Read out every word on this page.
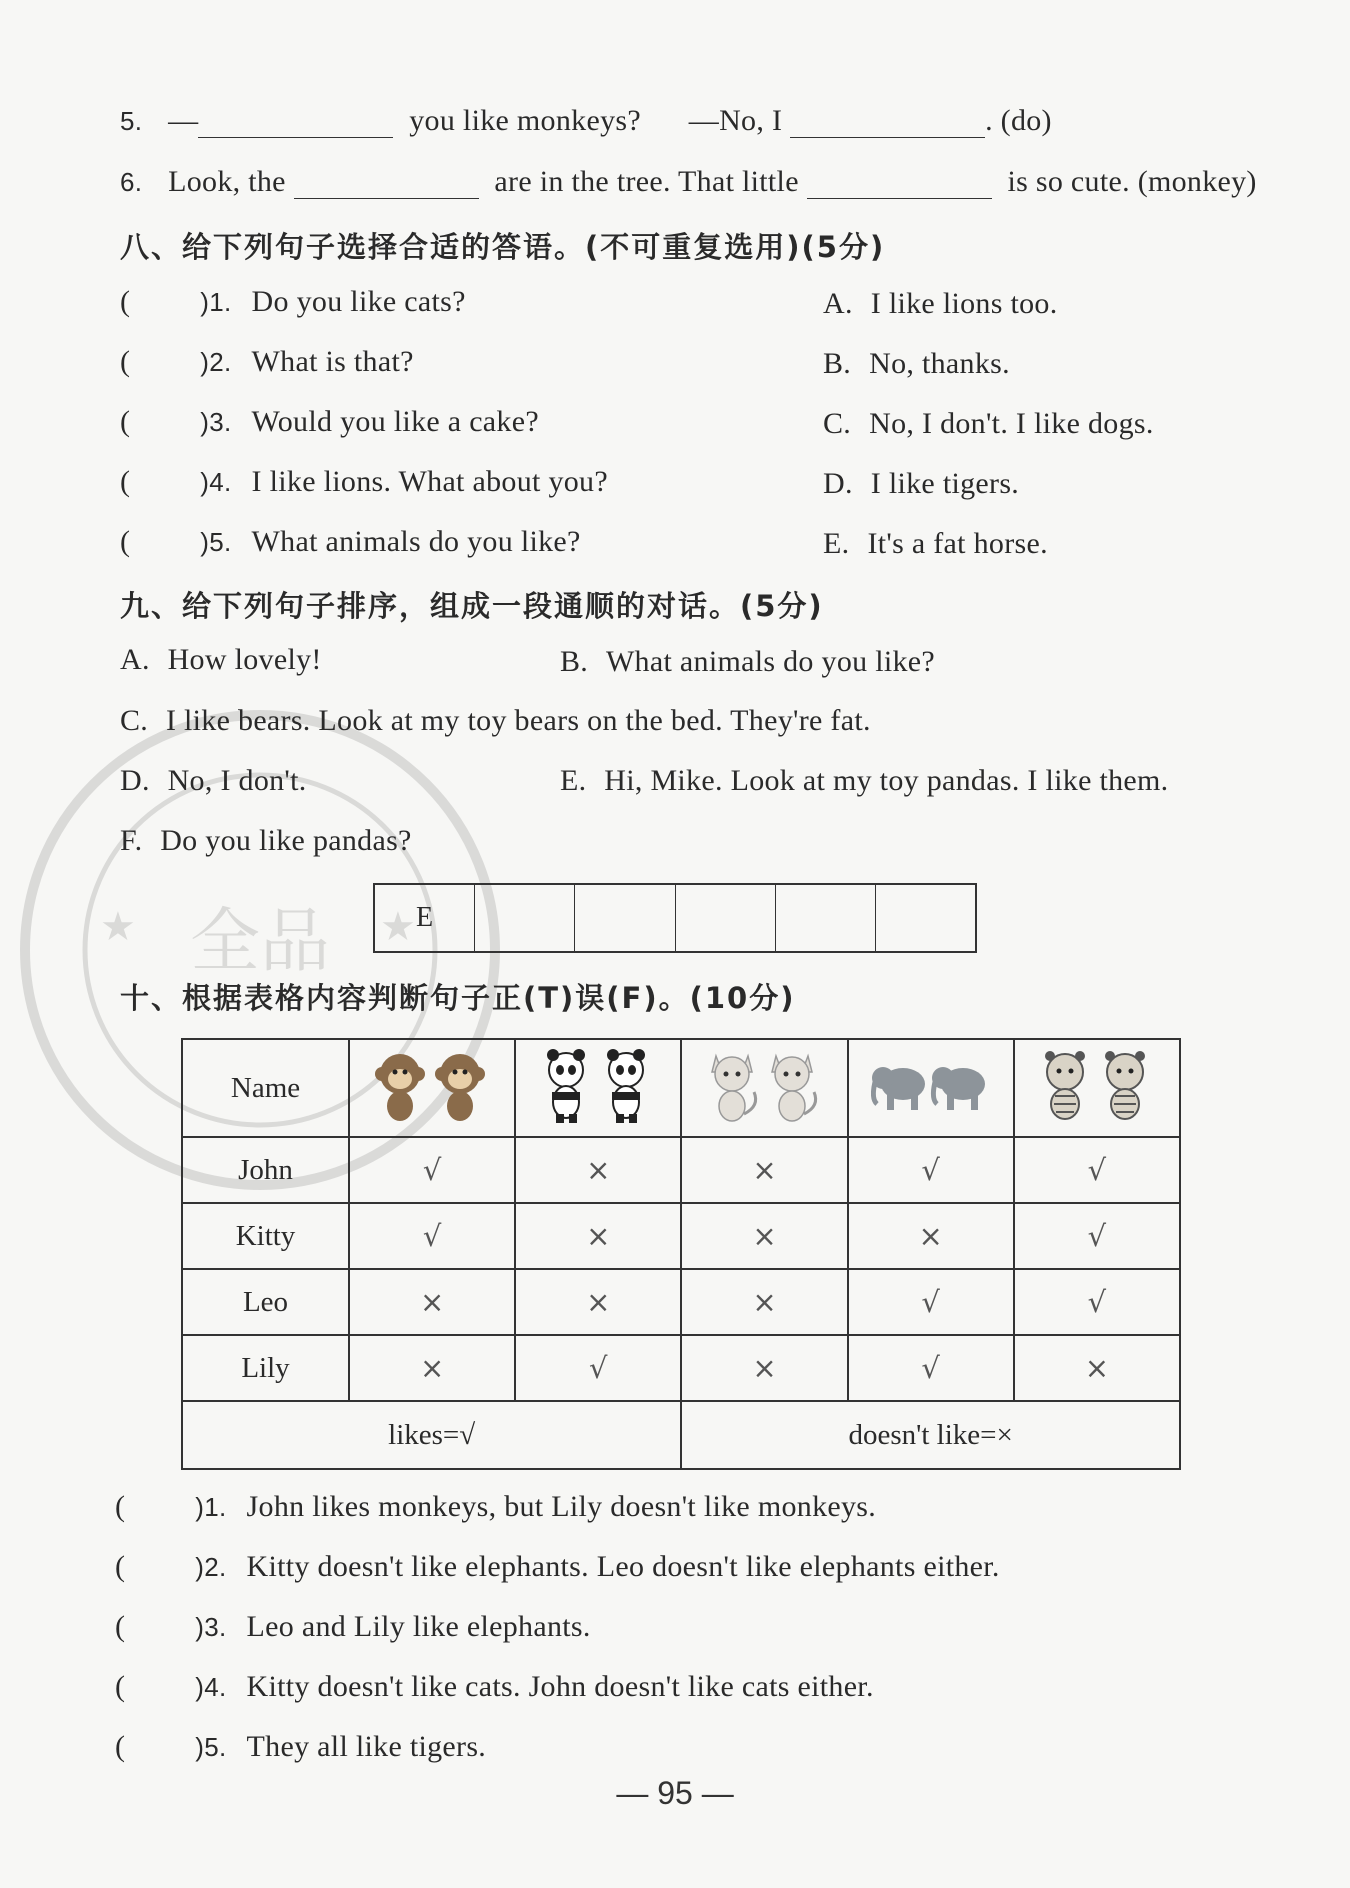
全品
★	★
5. —	you like monkeys? —No, I	. (do)
6. Look, the	are in the tree. That little	is so cute. (monkey)
八、给下列句子选择合适的答语。(不可重复选用)(5分)
(	)1. Do you like cats?	A. I like lions too.
(	)2. What is that?	B. No, thanks.
(	)3. Would you like a cake?	C. No, I don't. I like dogs.
(	)4. I like lions. What about you?	D. I like tigers.
(	)5. What animals do you like?	E. It's a fat horse.
九、给下列句子排序，组成一段通顺的对话。(5分)
A. How lovely!	B. What animals do you like?
C. I like bears. Look at my toy bears on the bed. They're fat.
D. No, I don't.	E. Hi, Mike. Look at my toy pandas. I like them.
F. Do you like pandas?
E
十、根据表格内容判断句子正(T)误(F)。(10分)
Name	

John	√	×	×	√	√
Kitty	√	×	×	×	√
Leo	×	×	×	√	√
Lily	×	√	×	√	×
likes=√			doesn't like=×		
(	)1. John likes monkeys, but Lily doesn't like monkeys.
(	)2. Kitty doesn't like elephants. Leo doesn't like elephants either.
(	)3. Leo and Lily like elephants.
(	)4. Kitty doesn't like cats. John doesn't like cats either.
(	)5. They all like tigers.
— 95 —
